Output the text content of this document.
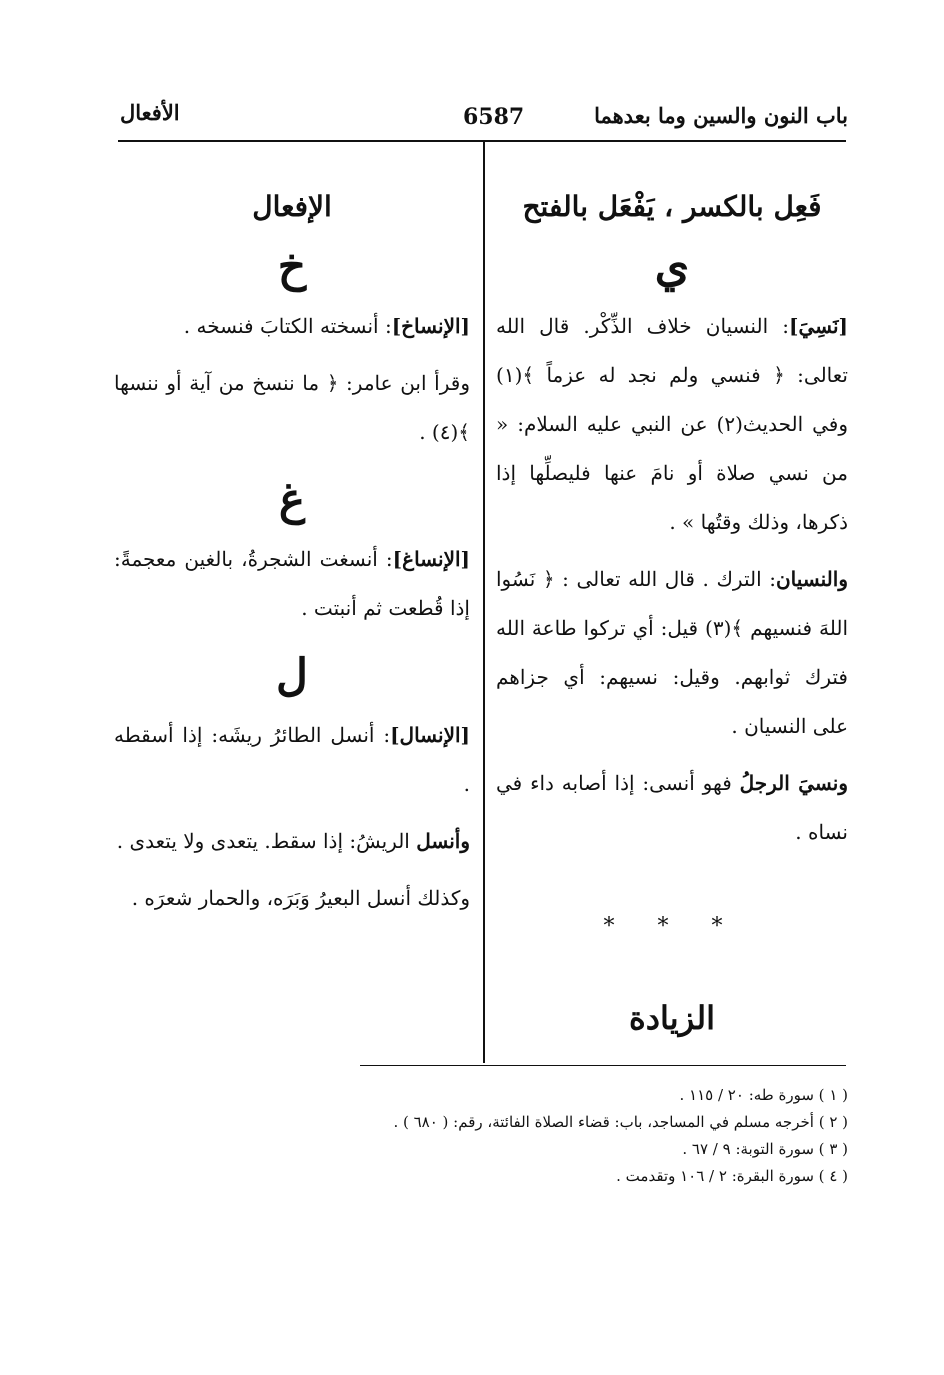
باب النون والسين وما بعدهما
6587
الأفعال
فَعِل بالكسر ، يَفْعَل بالفتح
ي

[نَسِيَ]: النسيان خلاف الذِّكْر. قال الله تعالى: ﴿ فنسي ولم نجد له عزماً ﴾(١) وفي الحديث(٢) عن النبي عليه السلام: « من نسي صلاة أو نامَ عنها فليصلِّها إذا ذكرها، وذلك وقتُها » .

والنسيان: الترك . قال الله تعالى : ﴿ نَسُوا اللهَ فنسيهم ﴾(٣) قيل: أي تركوا طاعة الله فترك ثوابهم. وقيل: نسيهم: أي جزاهم على النسيان .

ونسيَ الرجلُ فهو أنسى: إذا أصابه داء في نساه .

* * *
الزيادة
الإفعال
خ

[الإنساخ]: أنسخته الكتابَ فنسخه .

وقرأ ابن عامر: ﴿ ما ننسخ من آية أو ننسها ﴾(٤) .

غ

[الإنساغ]: أنسغت الشجرةُ، بالغين معجمةً: إذا قُطعت ثم أنبتت .

ل

[الإنسال]: أنسل الطائرُ ريشَه: إذا أسقطه .

وأنسل الريشُ: إذا سقط. يتعدى ولا يتعدى .

وكذلك أنسل البعيرُ وَبَرَه، والحمار شعرَه .

( ١ ) سورة طه: ٢٠ / ١١٥ .
( ٢ ) أخرجه مسلم في المساجد، باب: قضاء الصلاة الفائتة، رقم: ( ٦٨٠ ) .
( ٣ ) سورة التوبة: ٩ / ٦٧ .
( ٤ ) سورة البقرة: ٢ / ١٠٦ وتقدمت .
